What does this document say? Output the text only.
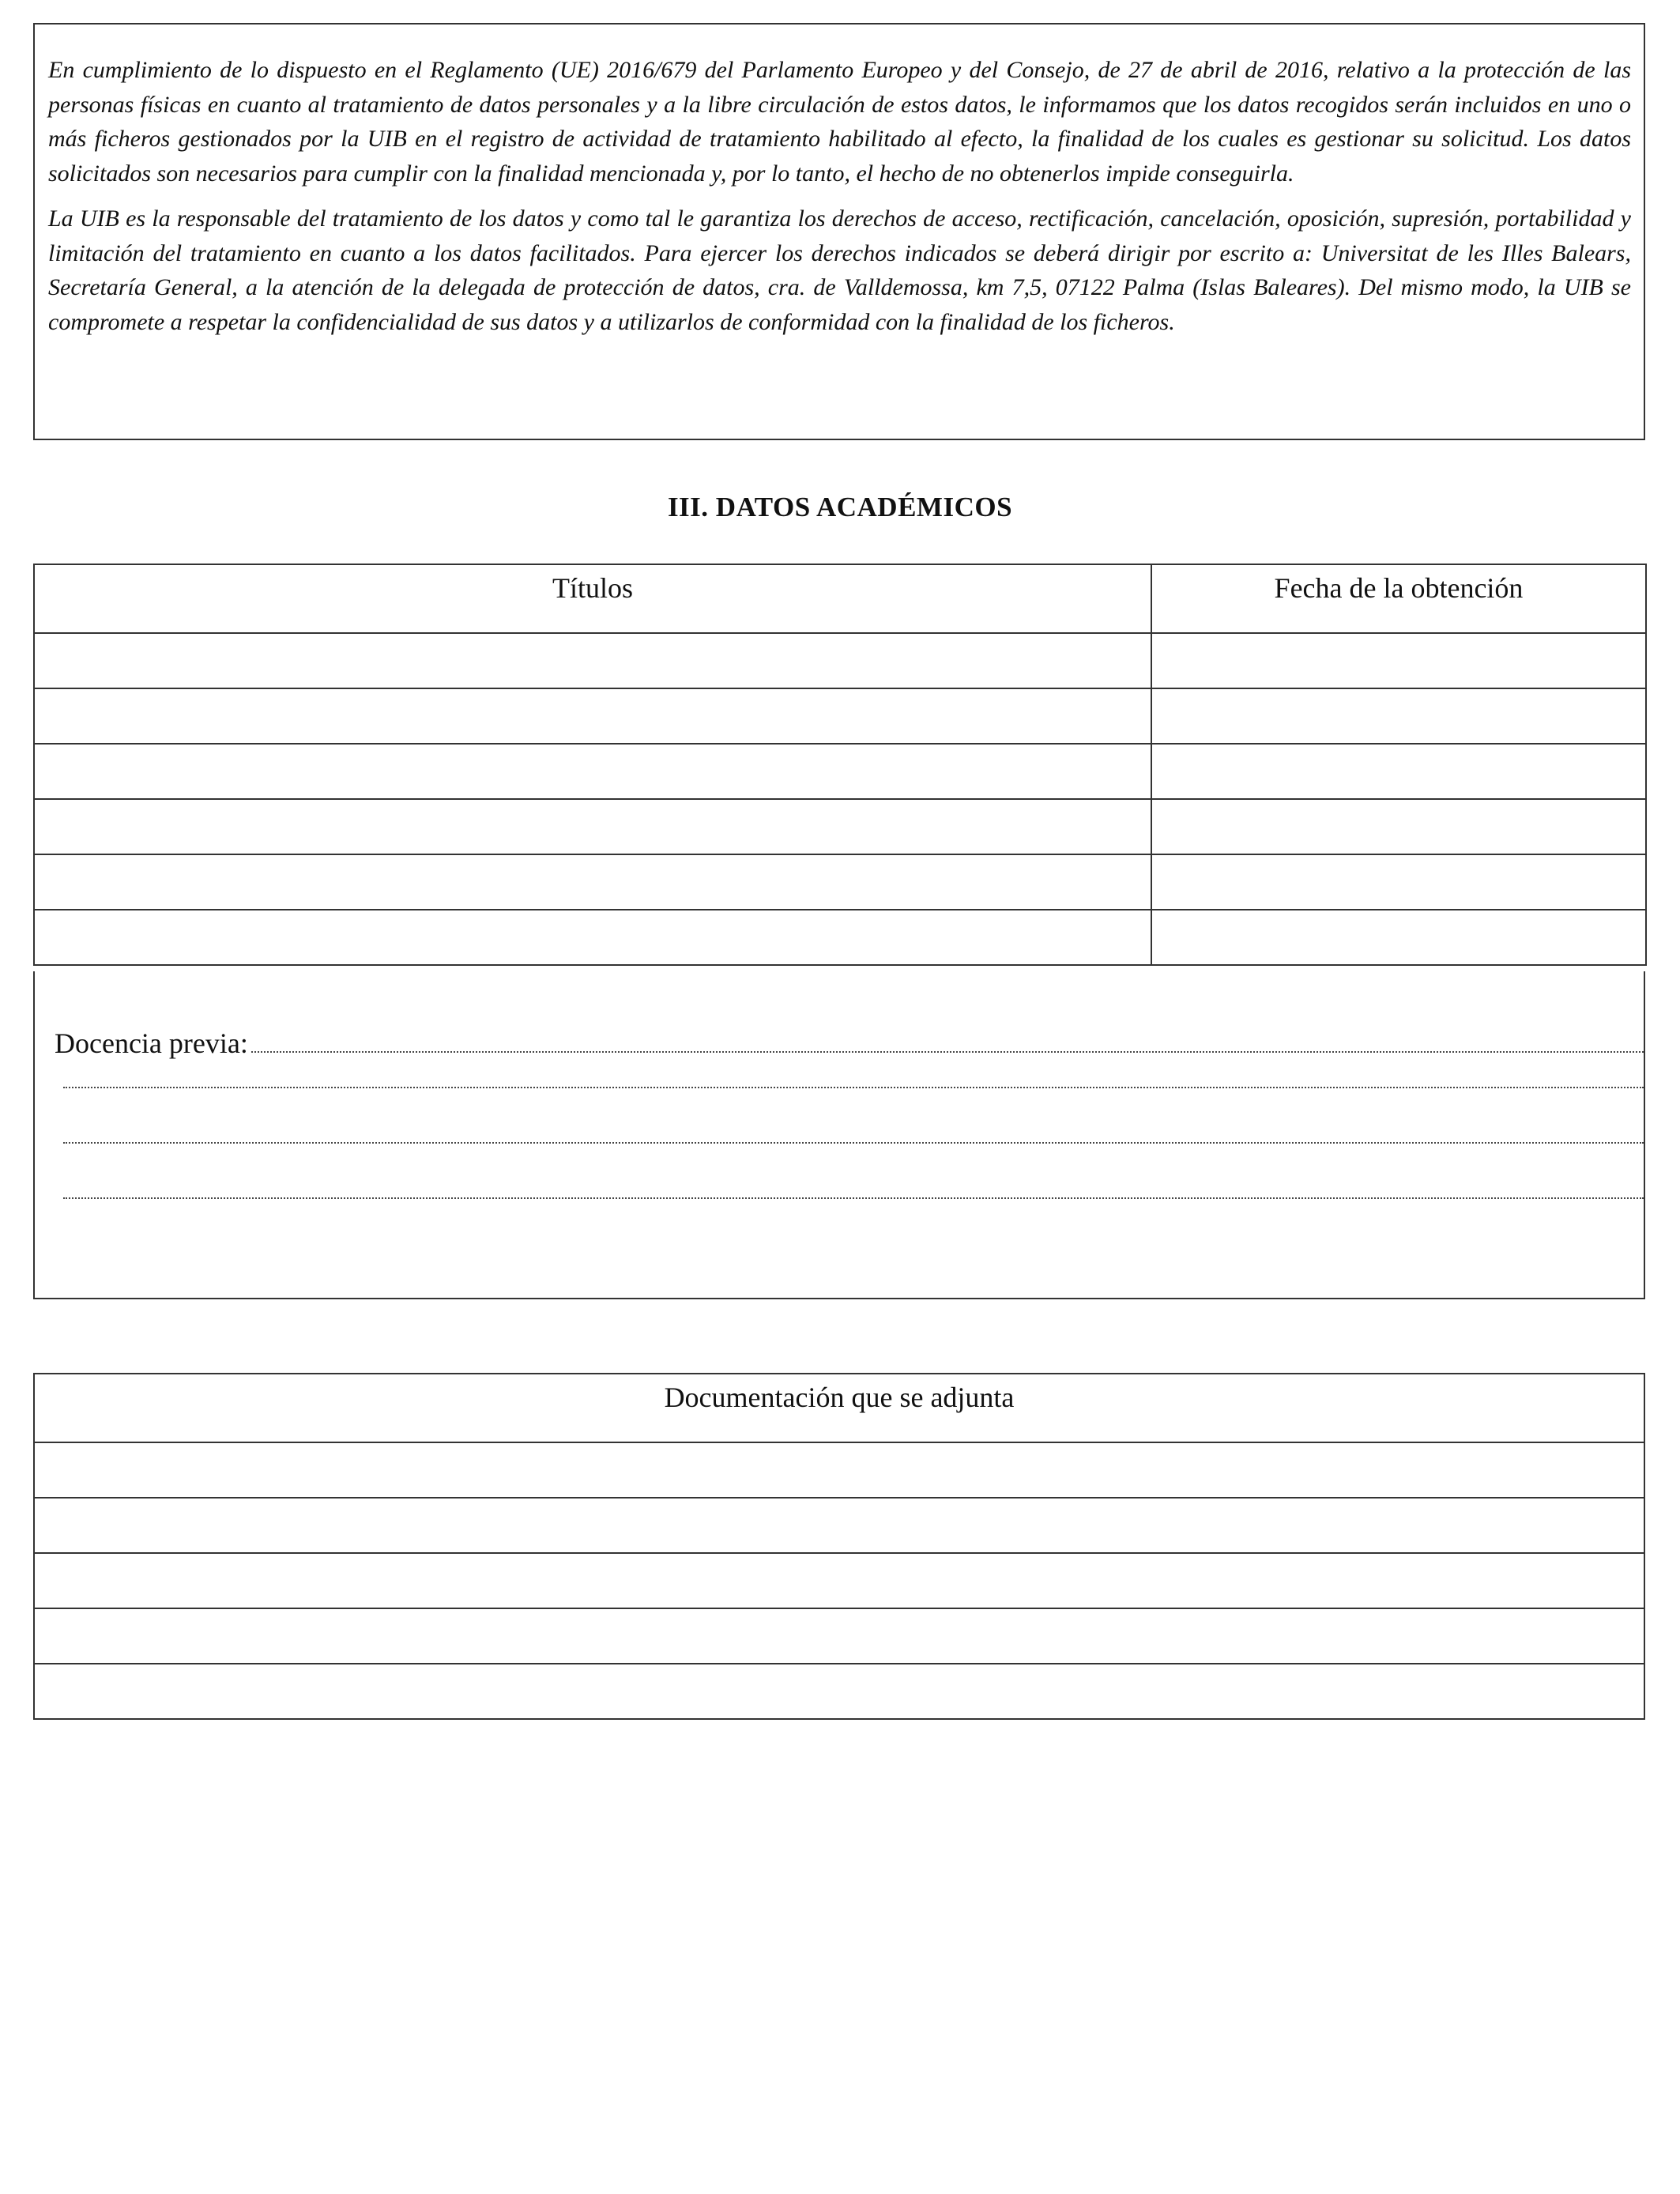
En cumplimiento de lo dispuesto en el Reglamento (UE) 2016/679 del Parlamento Europeo y del Consejo, de 27 de abril de 2016, relativo a la protección de las personas físicas en cuanto al tratamiento de datos personales y a la libre circulación de estos datos, le informamos que los datos recogidos serán incluidos en uno o más ficheros gestionados por la UIB en el registro de actividad de tratamiento habilitado al efecto, la finalidad de los cuales es gestionar su solicitud. Los datos solicitados son necesarios para cumplir con la finalidad mencionada y, por lo tanto, el hecho de no obtenerlos impide conseguirla.

La UIB es la responsable del tratamiento de los datos y como tal le garantiza los derechos de acceso, rectificación, cancelación, oposición, supresión, portabilidad y limitación del tratamiento en cuanto a los datos facilitados. Para ejercer los derechos indicados se deberá dirigir por escrito a: Universitat de les Illes Balears, Secretaría General, a la atención de la delegada de protección de datos, cra. de Valldemossa, km 7,5, 07122 Palma (Islas Baleares). Del mismo modo, la UIB se compromete a respetar la confidencialidad de sus datos y a utilizarlos de conformidad con la finalidad de los ficheros.

III. DATOS ACADÉMICOS
Títulos	Fecha de la obtención

Docencia previa:
Documentación que se adjunta
